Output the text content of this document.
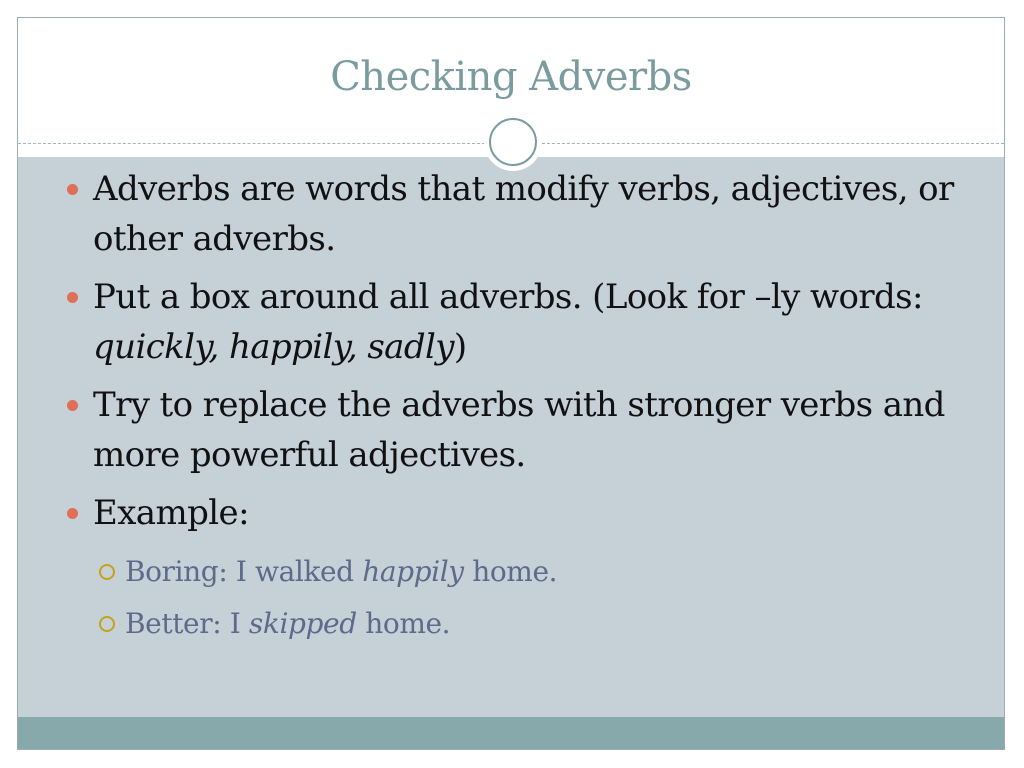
Checking Adverbs
Adverbs are words that modify verbs, adjectives, or other adverbs.
Put a box around all adverbs. (Look for –ly words: quickly, happily, sadly)
Try to replace the adverbs with stronger verbs and more powerful adjectives.
Example:
Boring: I walked happily home.
Better: I skipped home.
